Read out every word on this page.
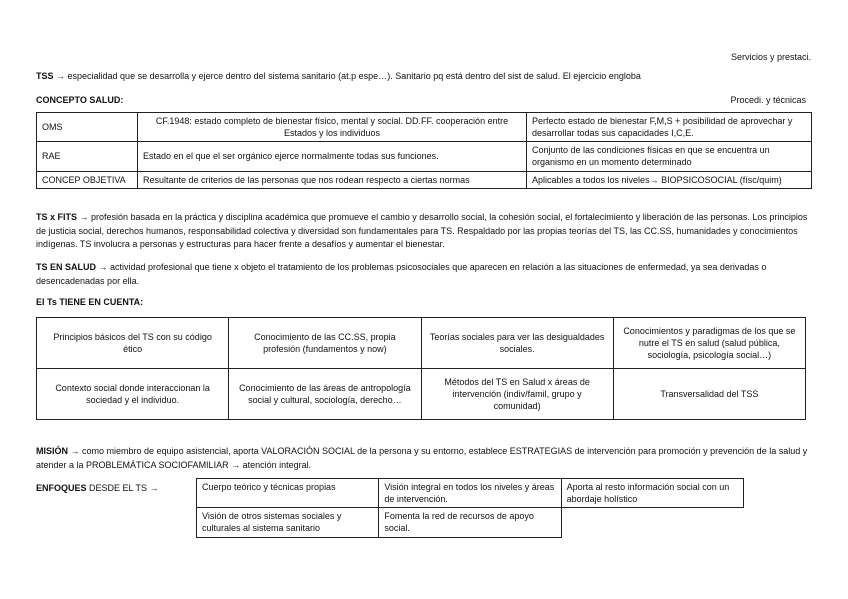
Servicios y prestaci.
TSS → especialidad que se desarrolla y ejerce dentro del sistema sanitario (at.p espe…). Sanitario pq está dentro del sist de salud. El ejercicio engloba
CONCEPTO SALUD:	Procedi. y técnicas
OMS	CF.1948: estado completo de bienestar físico, mental y social. DD.FF. cooperación entre Estados y los individuos	Perfecto estado de bienestar F,M,S + posibilidad de aprovechar y desarrollar todas sus capacidades I,C,E.
RAE	Estado en el que el ser orgánico ejerce normalmente todas sus funciones.	Conjunto de las condiciones físicas en que se encuentra un organismo en un momento determinado
CONCEP OBJETIVA	Resultante de criterios de las personas que nos rodean respecto a ciertas normas	Aplicables a todos los niveles→ BIOPSICOSOCIAL (físc/quim)
TS x FITS → profesión basada en la práctica y disciplina académica que promueve el cambio y desarrollo social, la cohesión social, el fortalecimiento y liberación de las personas. Los principios de justicia social, derechos humanos, responsabilidad colectiva y diversidad son fundamentales para TS. Respaldado por las propias teorías del TS, las CC.SS, humanidades y conocimientos indígenas. TS involucra a personas y estructuras para hacer frente a desafíos y aumentar el bienestar.
TS EN SALUD → actividad profesional que tiene x objeto el tratamiento de los problemas psicosociales que aparecen en relación a las situaciones de enfermedad, ya sea derivadas o desencadenadas por ella.
El Ts TIENE EN CUENTA:
Principios básicos del TS con su código ético	Conocimiento de las CC.SS, propia profesión (fundamentos y now)	Teorías sociales para ver las desigualdades sociales.	Conocimientos y paradigmas de los que se nutre el TS en salud (salud pública, sociología, psicología social…)
Contexto social donde interaccionan la sociedad y el individuo.	Conocimiento de las áreas de antropología social y cultural, sociología, derecho…	Métodos del TS en Salud x áreas de intervención (indiv/famil, grupo y comunidad)	Transversalidad del TSS
MISIÓN → como miembro de equipo asistencial, aporta VALORACIÓN SOCIAL de la persona y su entorno, establece ESTRATEGIAS de intervención para promoción y prevención de la salud y atender a la PROBLEMÁTICA SOCIOFAMILIAR → atención integral.
ENFOQUES DESDE EL TS →	Cuerpo teórico y técnicas propias	Visión integral en todos los niveles y áreas de intervención.	Aporta al resto información social con un abordaje holístico
Visión de otros sistemas sociales y culturales al sistema sanitario	Fomenta la red de recursos de apoyo social.	
